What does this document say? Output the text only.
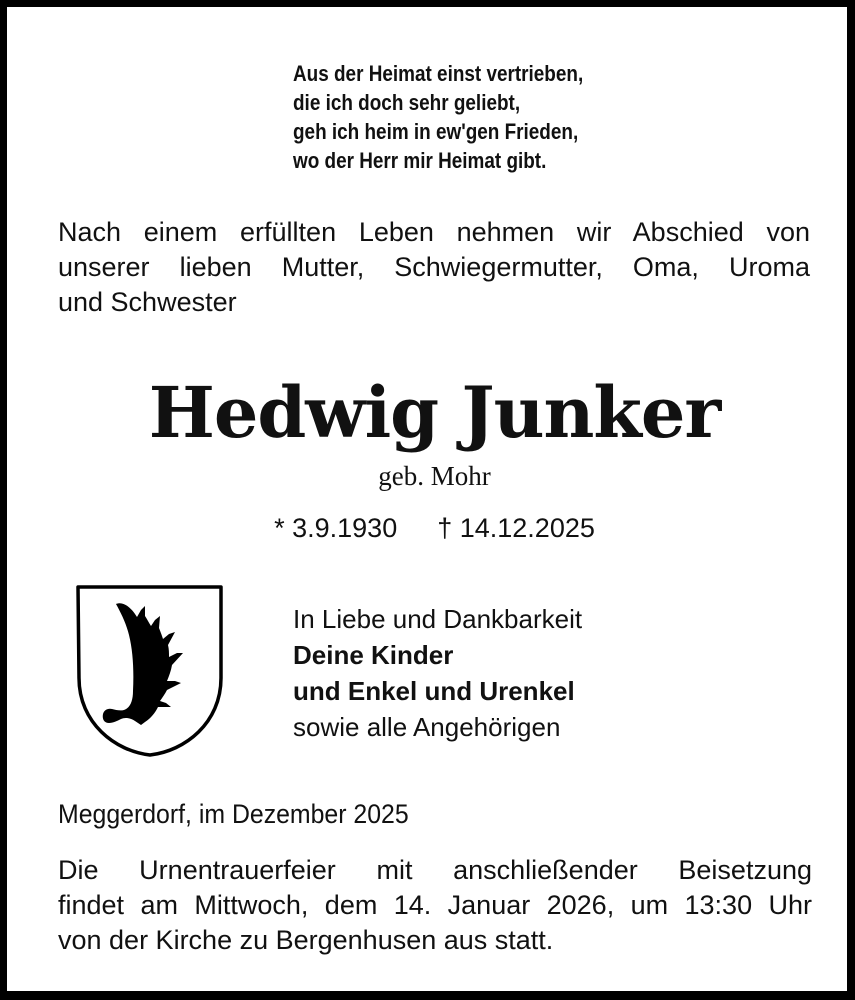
Aus der Heimat einst vertrieben,
die ich doch sehr geliebt,
geh ich heim in ew'gen Frieden,
wo der Herr mir Heimat gibt.
Nach einem erfüllten Leben nehmen wir Abschied von
unserer lieben Mutter, Schwiegermutter, Oma, Uroma
und Schwester
Hedwig Junker
geb. Mohr
* 3.9.1930 † 14.12.2025
In Liebe und Dankbarkeit
Deine Kinder
und Enkel und Urenkel
sowie alle Angehörigen
Meggerdorf, im Dezember 2025
Die Urnentrauerfeier mit anschließender Beisetzung
findet am Mittwoch, dem 14. Januar 2026, um 13:30 Uhr
von der Kirche zu Bergenhusen aus statt.
